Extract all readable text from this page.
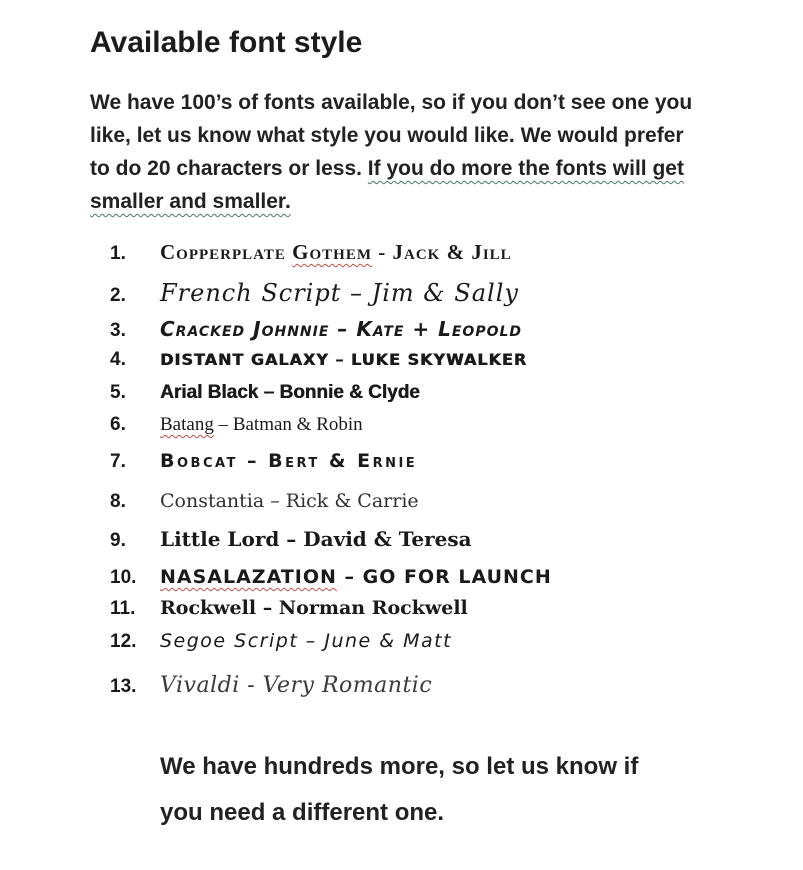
Available font style

We have 100’s of fonts available, so if you don’t see one you like, let us know what style you would like. We would prefer to do 20 characters or less. If you do more the fonts will get smaller and smaller.

1.	Copperplate Gothem - Jack & Jill
2.	French Script – Jim & Sally
3.	Cracked Johnnie – Kate + Leopold
4.	DISTANT GALAXY – LUKE SKYWALKER
5.	Arial Black – Bonnie & Clyde
6.	Batang – Batman & Robin
7.	Bobcat – Bert & Ernie
8.	Constantia – Rick & Carrie
9.	Little Lord – David & Teresa
10.	NASALAZATION – GO FOR LAUNCH
11.	Rockwell – Norman Rockwell
12.	Segoe Script – June & Matt
13.	Vivaldi - Very Romantic

We have hundreds more, so let us know if you need a different one.
